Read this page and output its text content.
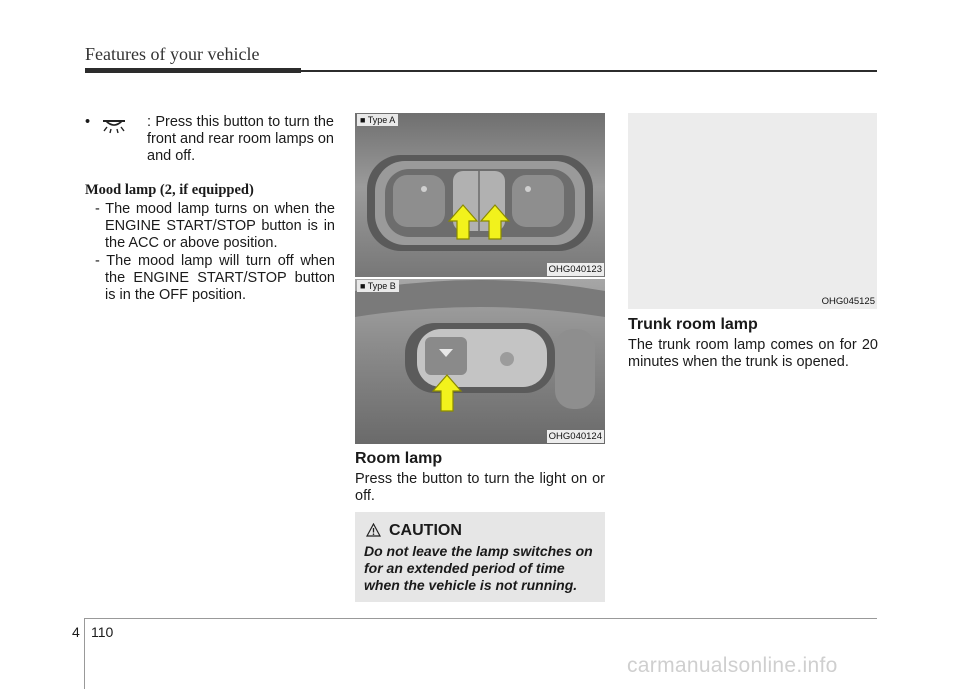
Features of your vehicle
•	: Press this button to turn the front and rear room lamps on and off.
Mood lamp (2, if equipped)
- The mood lamp turns on when the ENGINE START/STOP button is in the ACC or above position.
- The mood lamp will turn off when the ENGINE START/STOP button is in the OFF position.
■ Type A
OHG040123
■ Type B
OHG040124
Room lamp
Press the button to turn the light on or off.
CAUTION
Do not leave the lamp switches on for an extended period of time when the vehicle is not running.
OHG045125
Trunk room lamp
The trunk room lamp comes on for 20 minutes when the trunk is opened.
4 110
carmanualsonline.info
